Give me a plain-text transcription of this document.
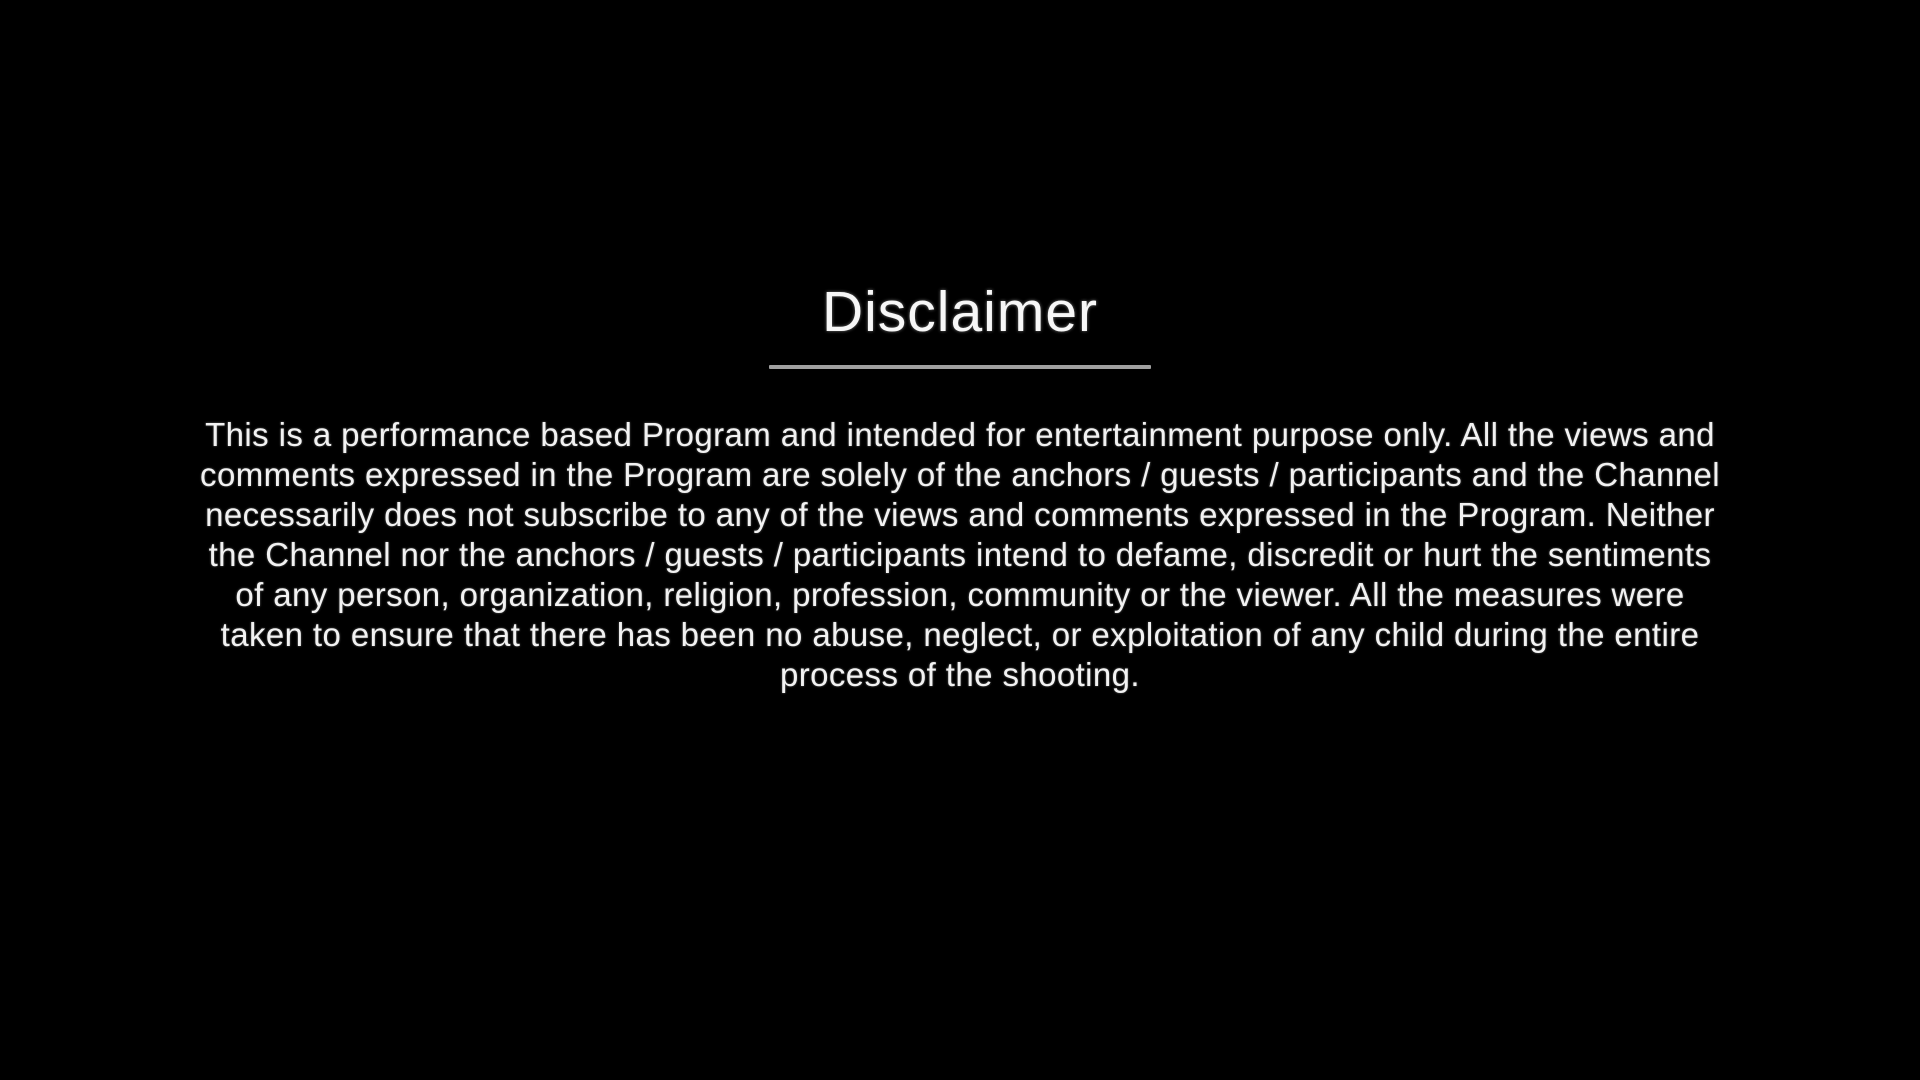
Disclaimer
This is a performance based Program and intended for entertainment purpose only. All the views and
comments expressed in the Program are solely of the anchors / guests / participants and the Channel
necessarily does not subscribe to any of the views and comments expressed in the Program. Neither
the Channel nor the anchors / guests / participants intend to defame, discredit or hurt the sentiments
of any person, organization, religion, profession, community or the viewer. All the measures were
taken to ensure that there has been no abuse, neglect, or exploitation of any child during the entire
process of the shooting.
